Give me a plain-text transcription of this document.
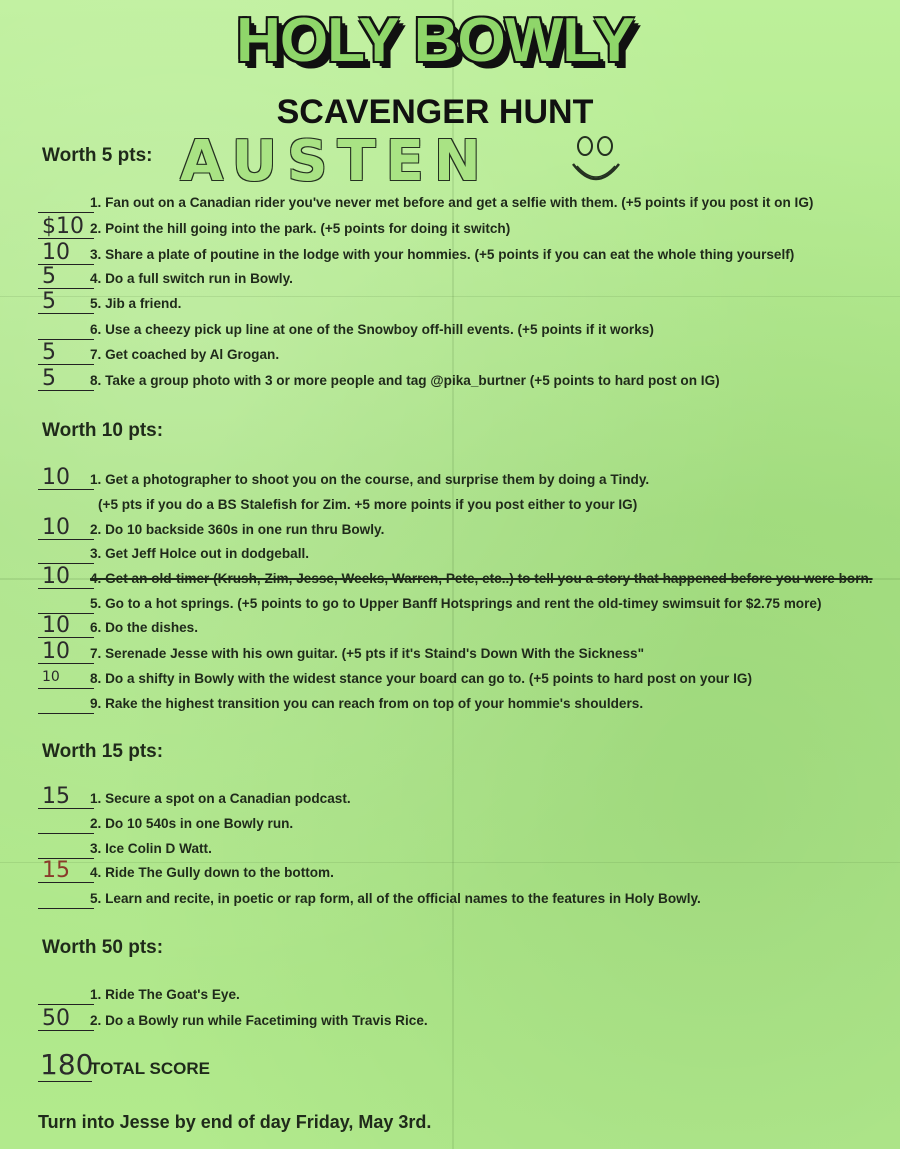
HOLY BOWLY
SCAVENGER HUNT
AUSTEN
Worth 5 pts:
1. Fan out on a Canadian rider you've never met before and get a selfie with them. (+5 points if you post it on IG)
$10 2. Point the hill going into the park. (+5 points for doing it switch)
10	3. Share a plate of poutine in the lodge with your hommies. (+5 points if you can eat the whole thing yourself)
5	4. Do a full switch run in Bowly.
5	5. Jib a friend.
6. Use a cheezy pick up line at one of the Snowboy off-hill events. (+5 points if it works)
5	7. Get coached by Al Grogan.
5	8. Take a group photo with 3 or more people and tag @pika_burtner (+5 points to hard post on IG)
Worth 10 pts:
10	1. Get a photographer to shoot you on the course, and surprise them by doing a Tindy.
(+5 pts if you do a BS Stalefish for Zim. +5 more points if you post either to your IG)
10	2. Do 10 backside 360s in one run thru Bowly.
3. Get Jeff Holce out in dodgeball.
10	4. Get an old-timer (Krush, Zim, Jesse, Weeks, Warren, Pete, etc..) to tell you a story that happened before you were born.
5. Go to a hot springs. (+5 points to go to Upper Banff Hotsprings and rent the old-timey swimsuit for $2.75 more)
10	6. Do the dishes.
10	7. Serenade Jesse with his own guitar. (+5 pts if it's Staind's Down With the Sickness"
10	8. Do a shifty in Bowly with the widest stance your board can go to. (+5 points to hard post on your IG)
9. Rake the highest transition you can reach from on top of your hommie's shoulders.
Worth 15 pts:
15	1. Secure a spot on a Canadian podcast.
2. Do 10 540s in one Bowly run.
3. Ice Colin D Watt.
15	4. Ride The Gully down to the bottom.
5. Learn and recite, in poetic or rap form, all of the official names to the features in Holy Bowly.
Worth 50 pts:
1. Ride The Goat's Eye.
50	2. Do a Bowly run while Facetiming with Travis Rice.
180
TOTAL SCORE
Turn into Jesse by end of day Friday, May 3rd.
